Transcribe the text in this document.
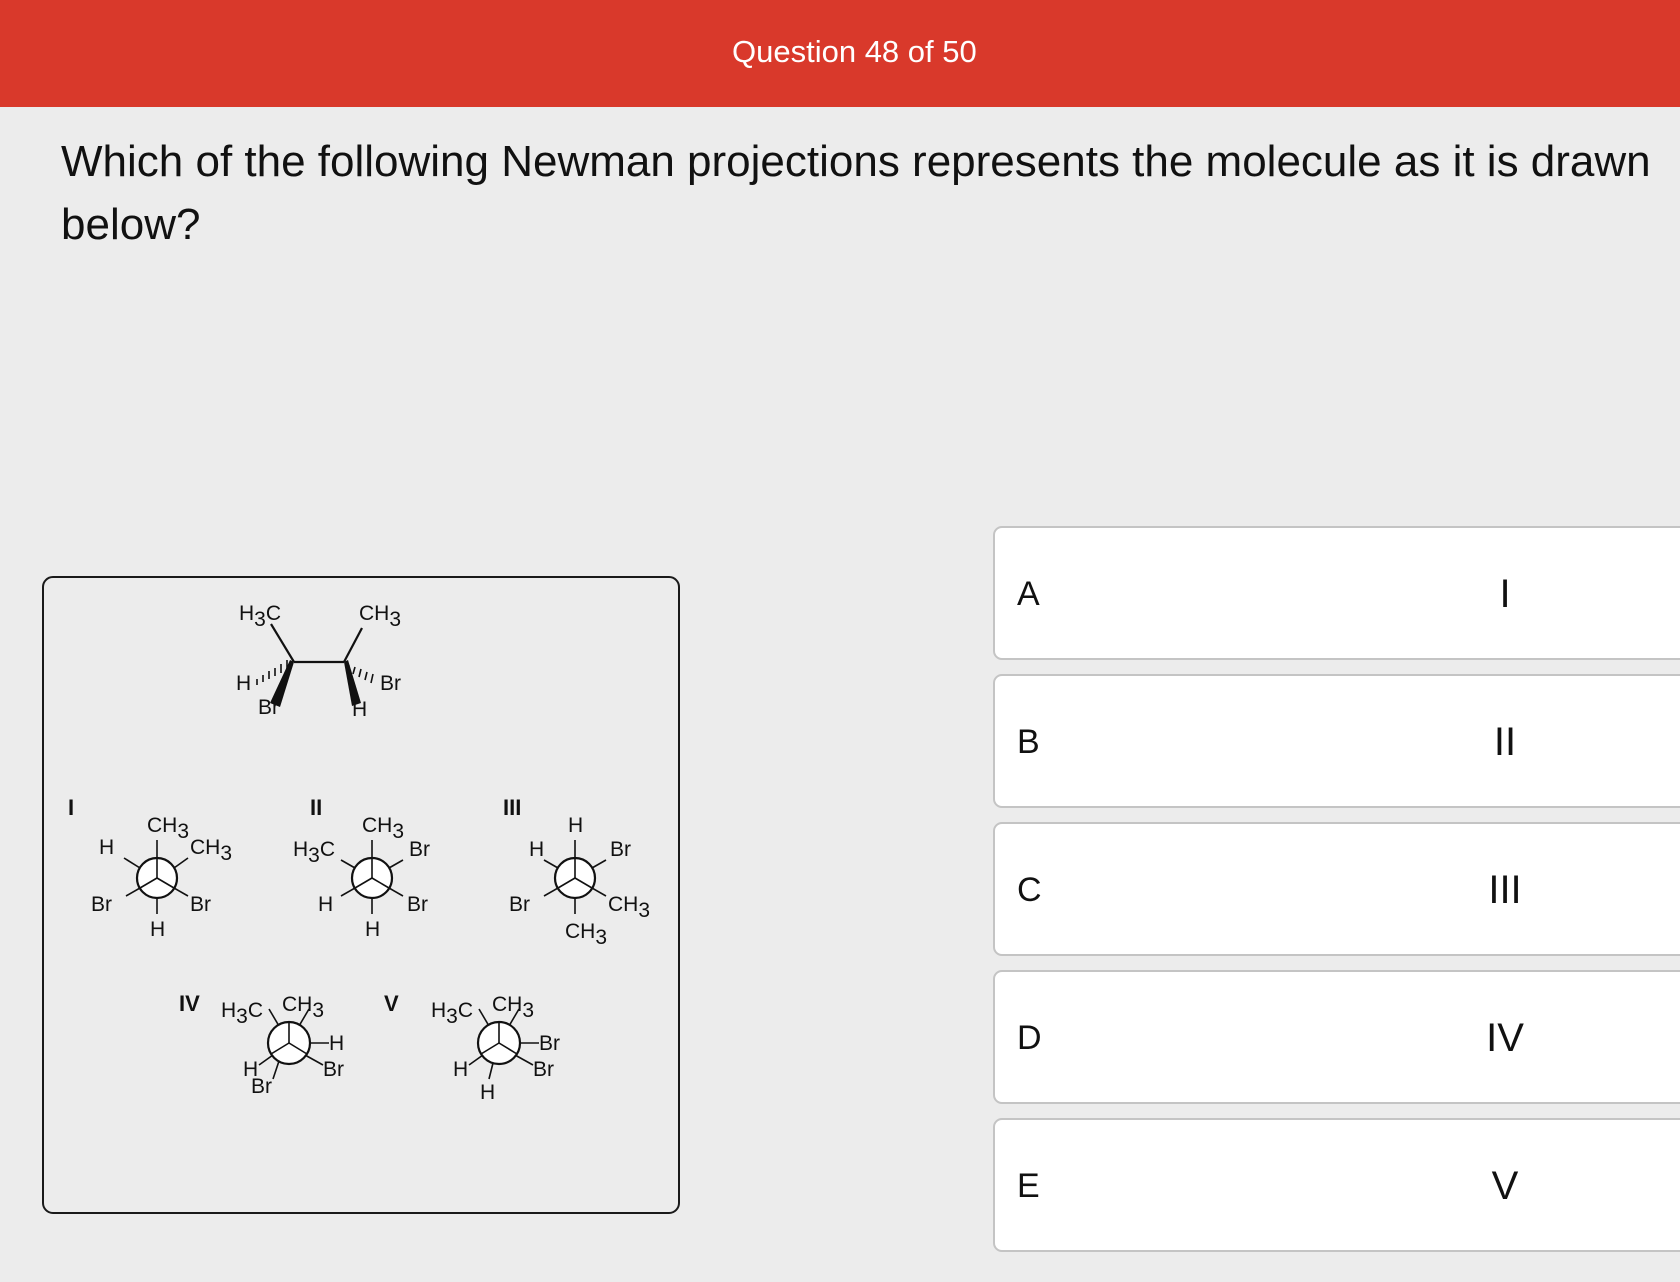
Question 48 of 50
Which of the following Newman projections represents the molecule as it is drawn below?
H3C	CH3
H
Br
Br
H
I
CH3
CH3
H
Br	Br
H
II
CH3
Br
H3C
H	Br
H
III
H
Br
H
Br	CH3
CH3
IV H3C CH3
H
Br
H
Br
V H3C CH3
Br
Br
H
H
A	I
B	II
C	III
D	IV
E	V
